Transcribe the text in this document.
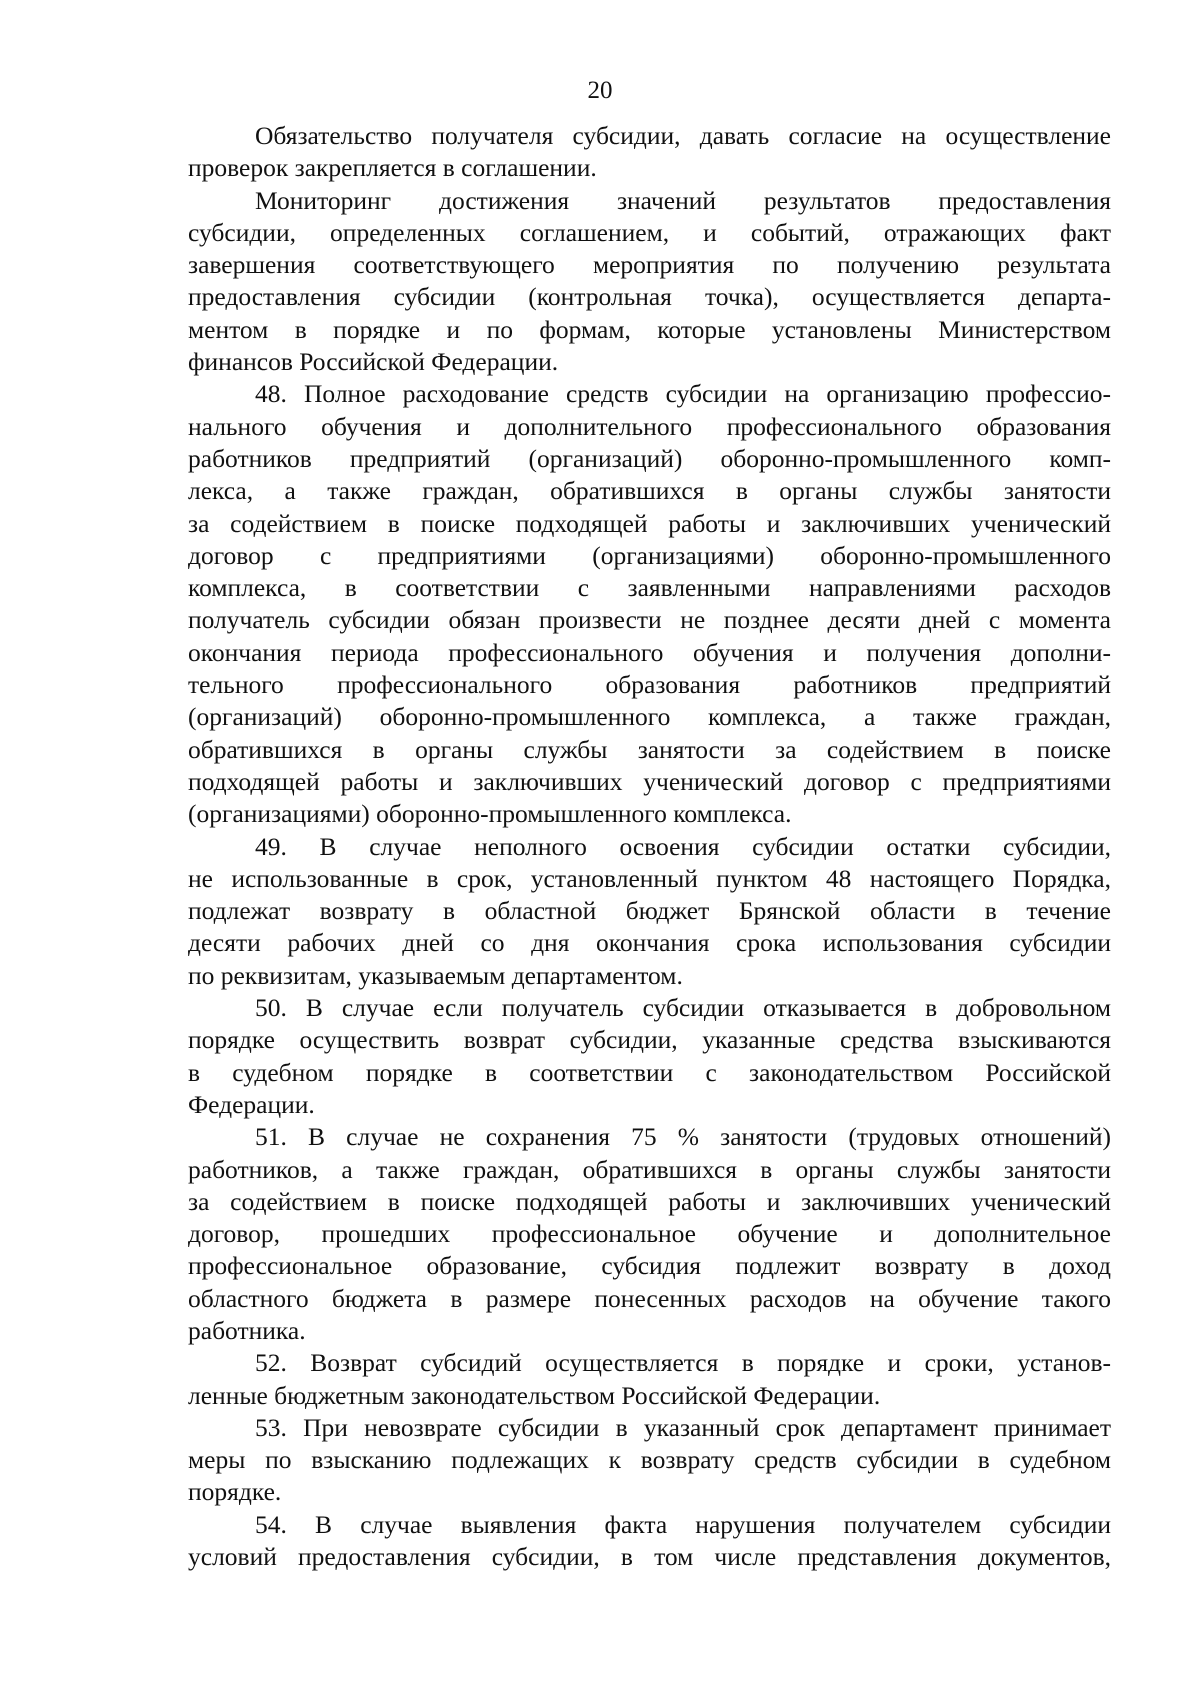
20
Обязательство получателя субсидии, давать согласие на осуществление
проверок закрепляется в соглашении.
Мониторинг достижения значений результатов предоставления
субсидии, определенных соглашением, и событий, отражающих факт
завершения соответствующего мероприятия по получению результата
предоставления субсидии (контрольная точка), осуществляется департа-
ментом в порядке и по формам, которые установлены Министерством
финансов Российской Федерации.
48. Полное расходование средств субсидии на организацию профессио-
нального обучения и дополнительного профессионального образования
работников предприятий (организаций) оборонно-промышленного комп-
лекса, а также граждан, обратившихся в органы службы занятости
за содействием в поиске подходящей работы и заключивших ученический
договор с предприятиями (организациями) оборонно-промышленного
комплекса, в соответствии с заявленными направлениями расходов
получатель субсидии обязан произвести не позднее десяти дней с момента
окончания периода профессионального обучения и получения дополни-
тельного профессионального образования работников предприятий
(организаций) оборонно-промышленного комплекса, а также граждан,
обратившихся в органы службы занятости за содействием в поиске
подходящей работы и заключивших ученический договор с предприятиями
(организациями) оборонно-промышленного комплекса.
49. В случае неполного освоения субсидии остатки субсидии,
не использованные в срок, установленный пунктом 48 настоящего Порядка,
подлежат возврату в областной бюджет Брянской области в течение
десяти рабочих дней со дня окончания срока использования субсидии
по реквизитам, указываемым департаментом.
50. В случае если получатель субсидии отказывается в добровольном
порядке осуществить возврат субсидии, указанные средства взыскиваются
в судебном порядке в соответствии с законодательством Российской
Федерации.
51. В случае не сохранения 75 % занятости (трудовых отношений)
работников, а также граждан, обратившихся в органы службы занятости
за содействием в поиске подходящей работы и заключивших ученический
договор, прошедших профессиональное обучение и дополнительное
профессиональное образование, субсидия подлежит возврату в доход
областного бюджета в размере понесенных расходов на обучение такого
работника.
52. Возврат субсидий осуществляется в порядке и сроки, установ-
ленные бюджетным законодательством Российской Федерации.
53. При невозврате субсидии в указанный срок департамент принимает
меры по взысканию подлежащих к возврату средств субсидии в судебном
порядке.
54. В случае выявления факта нарушения получателем субсидии
условий предоставления субсидии, в том числе представления документов,
